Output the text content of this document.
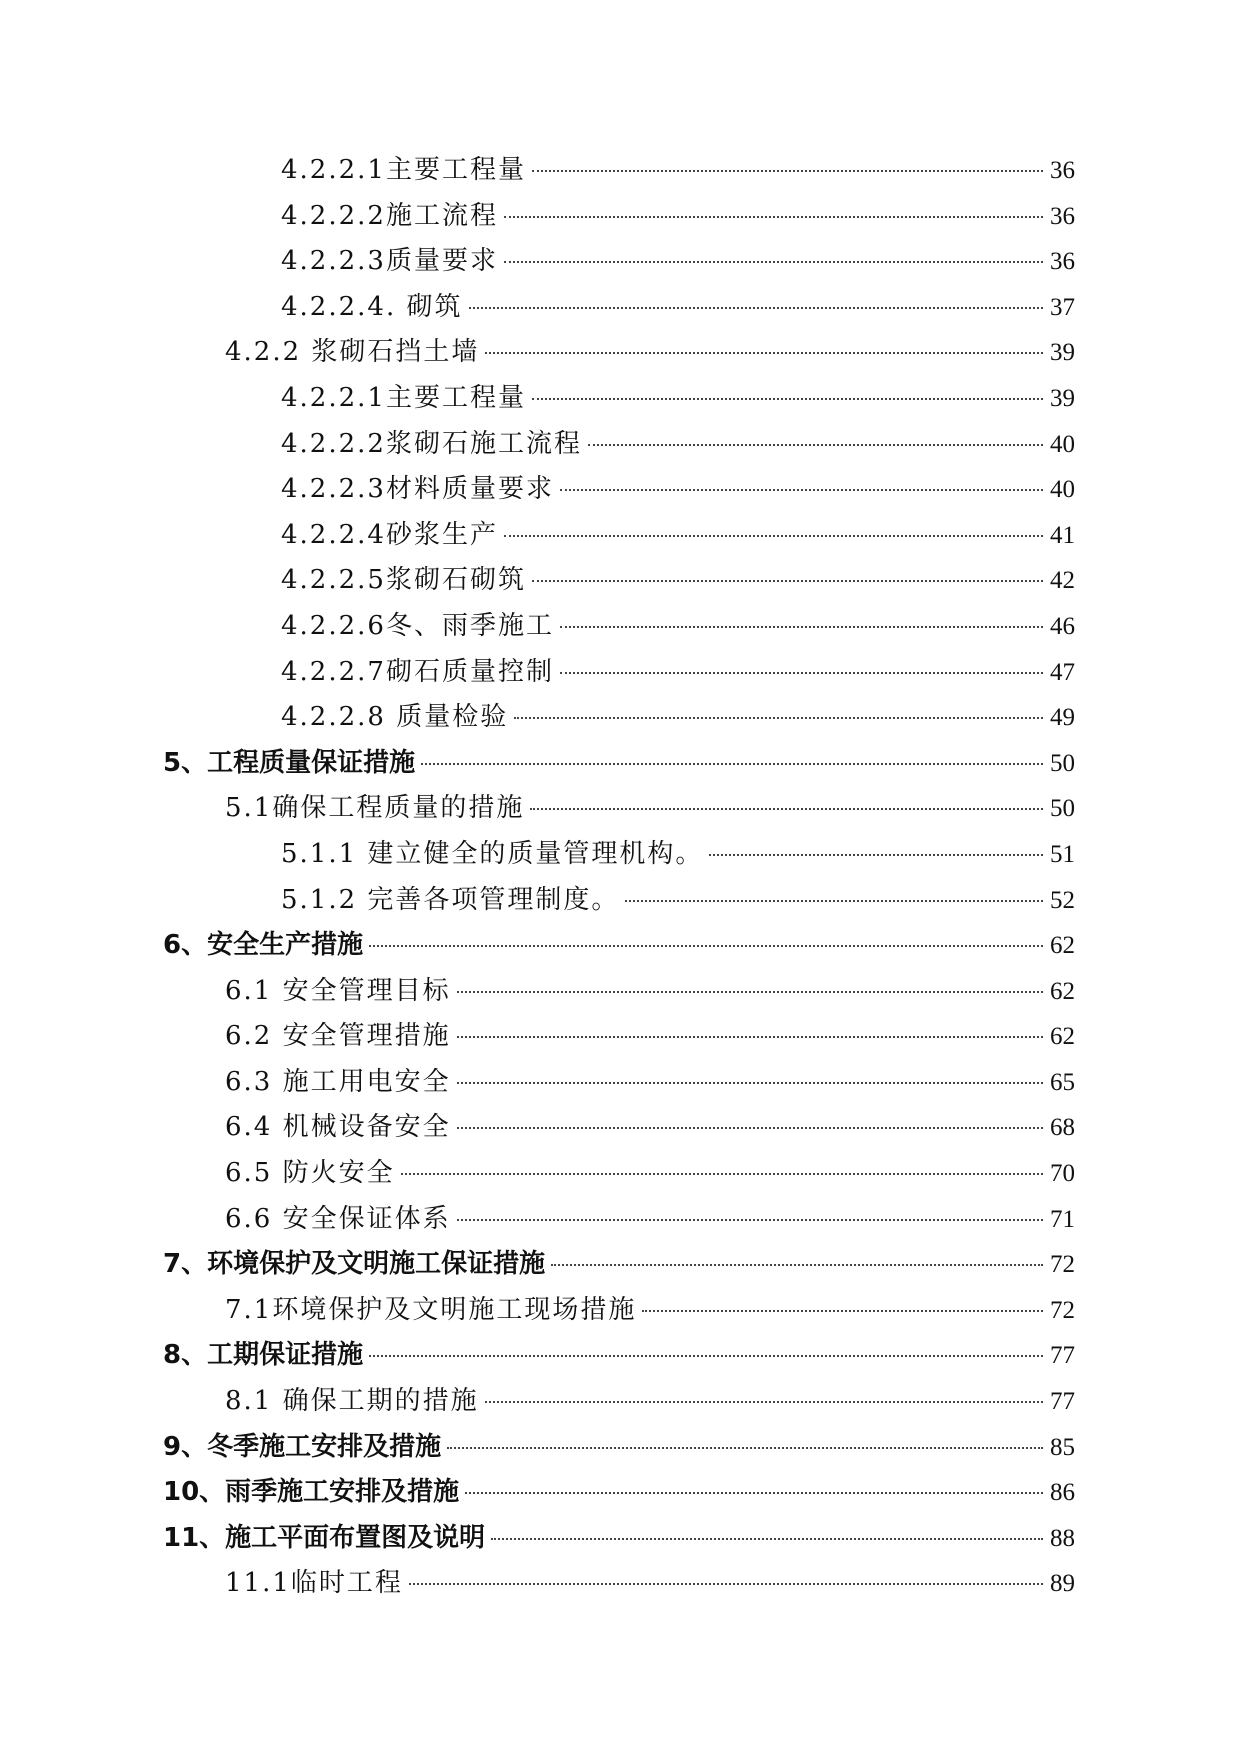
4.2.2.1主要工程量	36
4.2.2.2施工流程	36
4.2.2.3质量要求	36
4.2.2.4. 砌筑	37
4.2.2 浆砌石挡土墙	39
4.2.2.1主要工程量	39
4.2.2.2浆砌石施工流程	40
4.2.2.3材料质量要求	40
4.2.2.4砂浆生产	41
4.2.2.5浆砌石砌筑	42
4.2.2.6冬、雨季施工	46
4.2.2.7砌石质量控制	47
4.2.2.8 质量检验	49
5、工程质量保证措施	50
5.1确保工程质量的措施	50
5.1.1 建立健全的质量管理机构。	51
5.1.2 完善各项管理制度。	52
6、安全生产措施	62
6.1 安全管理目标	62
6.2 安全管理措施	62
6.3 施工用电安全	65
6.4 机械设备安全	68
6.5 防火安全	70
6.6 安全保证体系	71
7、环境保护及文明施工保证措施	72
7.1环境保护及文明施工现场措施	72
8、工期保证措施	77
8.1 确保工期的措施	77
9、冬季施工安排及措施	85
10、雨季施工安排及措施	86
11、施工平面布置图及说明	88
11.1临时工程	89
